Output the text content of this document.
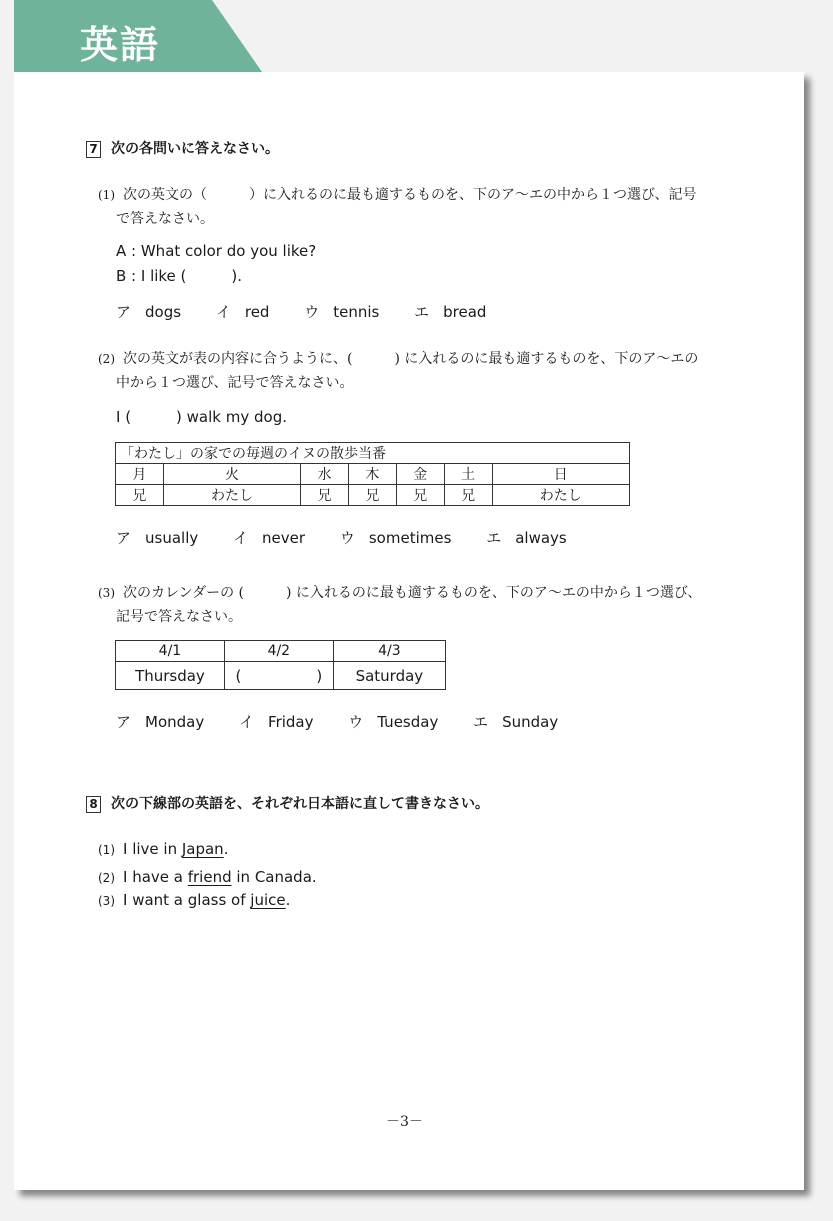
英語
7 次の各問いに答えなさい。
(1) 次の英文の（　　　）に入れるのに最も適するものを、下のア～エの中から１つ選び、記号
で答えなさい。
A : What color do you like?
B : I like (　　　).
ア dogs イ red ウ tennis エ bread
(2) 次の英文が表の内容に合うように、(　　　) に入れるのに最も適するものを、下のア～エの
中から１つ選び、記号で答えなさい。
I (　　　) walk my dog.
「わたし」の家での毎週のイヌの散歩当番						
月	火	水	木	金	土	日
兄	わたし	兄	兄	兄	兄	わたし
ア usually イ never ウ sometimes エ always
(3) 次のカレンダーの (　　　) に入れるのに最も適するものを、下のア～エの中から１つ選び、
記号で答えなさい。
4/1	4/2	4/3
Thursday	(　　　　　)	Saturday
ア Monday イ Friday ウ Tuesday エ Sunday
8 次の下線部の英語を、それぞれ日本語に直して書きなさい。
(1) I live in Japan.
(2) I have a friend in Canada.
(3) I want a glass of juice.
－3－
